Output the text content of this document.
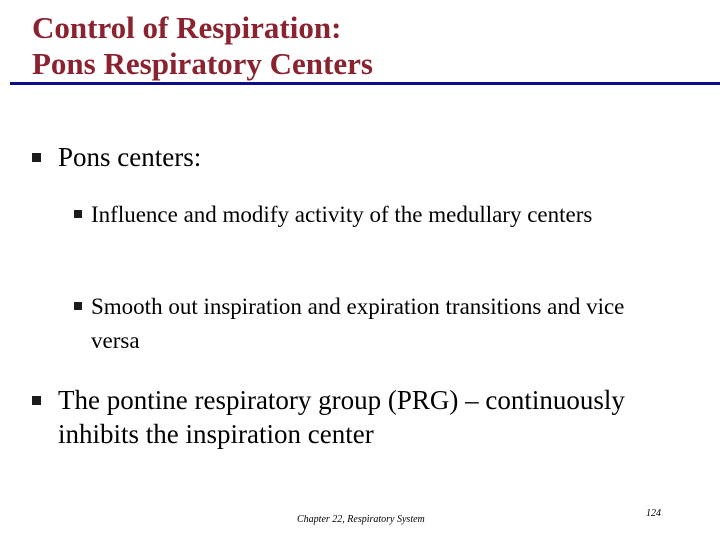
Control of Respiration:
Pons Respiratory Centers
Pons centers:
Influence and modify activity of the medullary centers
Smooth out inspiration and expiration transitions and vice versa
The pontine respiratory group (PRG) – continuously inhibits the inspiration center
Chapter 22, Respiratory System
124
